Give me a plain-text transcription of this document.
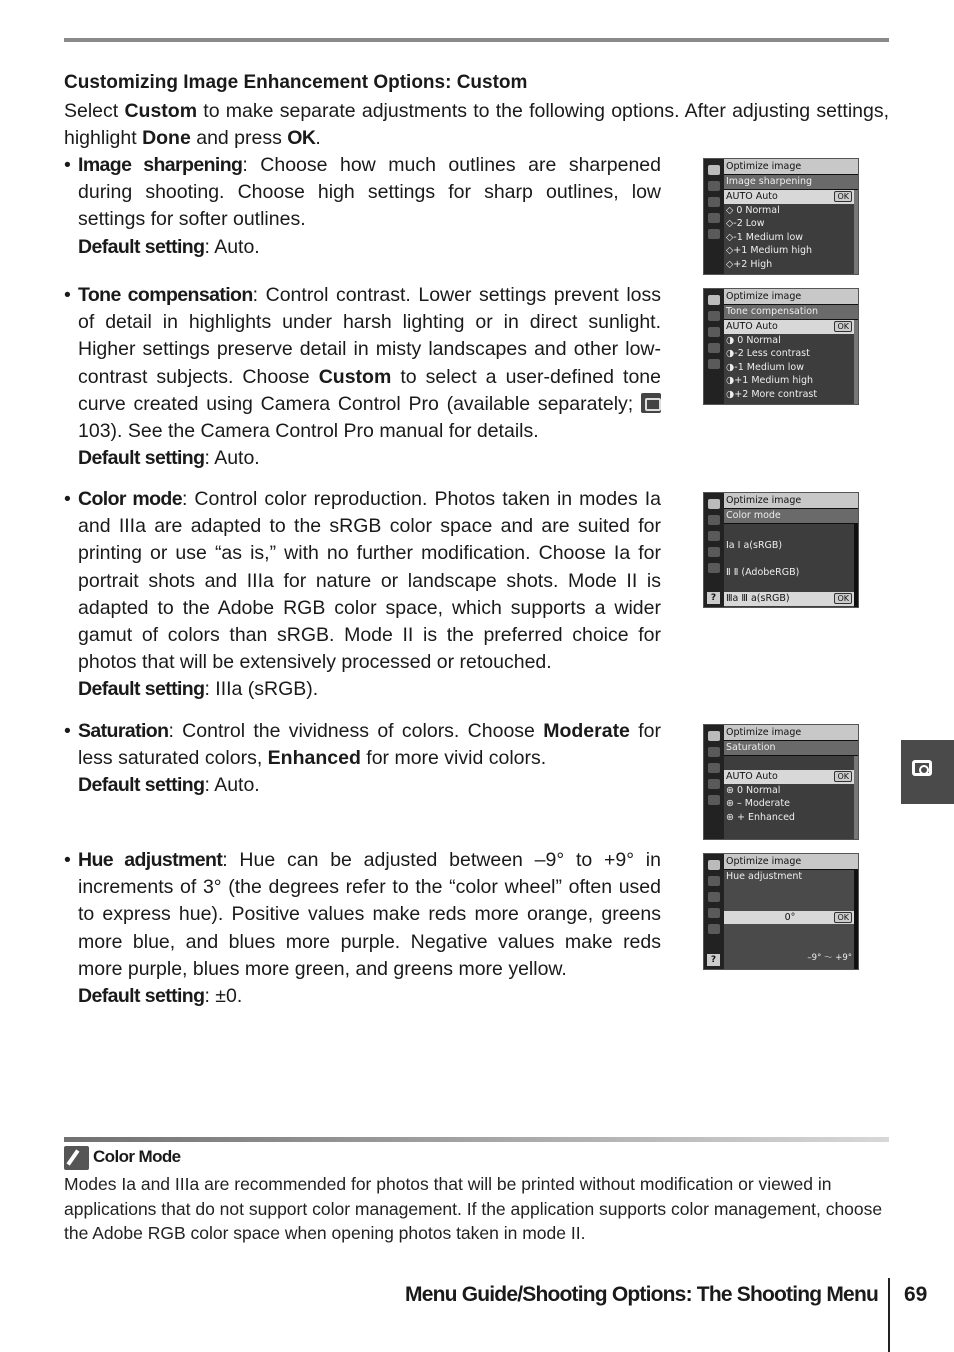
Customizing Image Enhancement Options: Custom
Select Custom to make separate adjustments to the following options. After adjusting settings, highlight Done and press OK.

• Image sharpening: Choose how much outlines are sharpened during shooting. Choose high settings for sharp outlines, low settings for softer outlines.

Default setting: Auto.

• Tone compensation: Control contrast. Lower settings prevent loss of detail in highlights under harsh lighting or in direct sunlight. Higher settings preserve detail in misty landscapes and other low-contrast subjects. Choose Custom to select a user-defined tone curve created using Camera Control Pro (available separately;  103). See the Camera Control Pro manual for details.

Default setting: Auto.

• Color mode: Control color reproduction. Photos taken in modes Ia and IIIa are adapted to the sRGB color space and are suited for printing or use “as is,” with no further modification. Choose Ia for portrait shots and IIIa for nature or landscape shots. Mode II is adapted to the Adobe RGB color space, which supports a wider gamut of colors than sRGB. Mode II is the preferred choice for photos that will be extensively processed or retouched.

Default setting: IIIa (sRGB).

• Saturation: Control the vividness of colors. Choose Moderate for less saturated colors, Enhanced for more vivid colors.

Default setting: Auto.

• Hue adjustment: Hue can be adjusted between –9° to +9° in increments of 3° (the degrees refer to the “color wheel” often used to express hue). Positive values make reds more orange, greens more blue, and blues more purple. Negative values make reds more purple, blues more green, and greens more yellow.

Default setting: ±0.
Optimize image
Image sharpening
AUTO Auto	OK
◇ 0 Normal
◇-2 Low
◇-1 Medium low
◇+1 Medium high
◇+2 High
Optimize image
Tone compensation
AUTO Auto	OK
◑ 0 Normal
◑-2 Less contrast
◑-1 Medium low
◑+1 Medium high
◑+2 More contrast
Optimize image
Color mode
Ia Ⅰ a(sRGB)
Ⅱ Ⅱ (AdobeRGB)
Ⅲa Ⅲ a(sRGB)	OK
?
Optimize image
Saturation
AUTO Auto	OK
⊛ 0 Normal
⊛ – Moderate
⊛ + Enhanced
Optimize image
Hue adjustment
0°	OK
–9° ～ +9°
?
Color Mode
Modes Ia and IIIa are recommended for photos that will be printed without modification or viewed in applications that do not support color management. If the application supports color management, choose the Adobe RGB color space when opening photos taken in mode II.
Menu Guide/Shooting Options: The Shooting Menu 69
